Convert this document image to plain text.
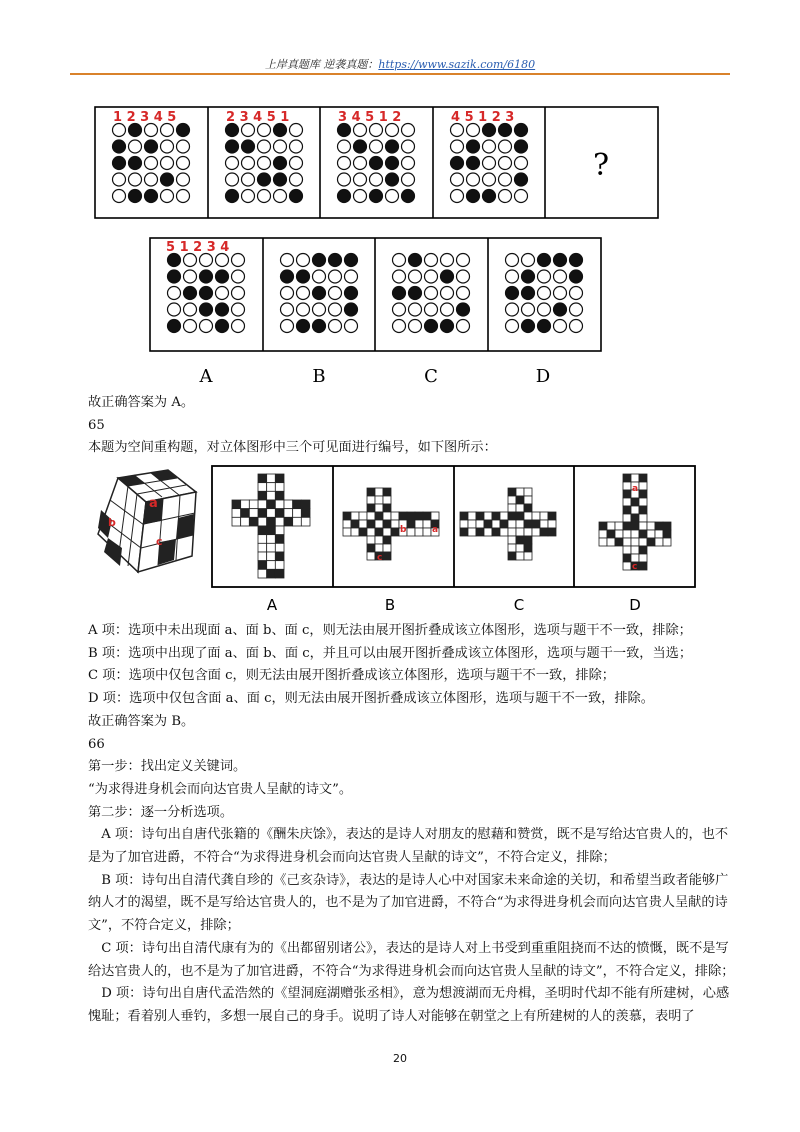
上岸真题库 逆袭真题：https://www.sazik.com/6180
1 2 3 4 5	2 3 4 5 1	3 4 5 1 2	4 5 1 2 3
?
5 1 2 3 4
A	B	C	D

故正确答案为 A。

65

本题为空间重构题，对立体图形中三个可见面进行编号，如下图所示：

a
b
c
b	a
c
a
c
A	B	C	D

A 项：选项中未出现面 a、面 b、面 c，则无法由展开图折叠成该立体图形，选项与题干不一致，排除；

B 项：选项中出现了面 a、面 b、面 c，并且可以由展开图折叠成该立体图形，选项与题干一致，当选；

C 项：选项中仅包含面 c，则无法由展开图折叠成该立体图形，选项与题干不一致，排除；

D 项：选项中仅包含面 a、面 c，则无法由展开图折叠成该立体图形，选项与题干不一致，排除。

故正确答案为 B。

66

第一步：找出定义关键词。

“为求得进身机会而向达官贵人呈献的诗文”。

第二步：逐一分析选项。

A 项：诗句出自唐代张籍的《酬朱庆馀》，表达的是诗人对朋友的慰藉和赞赏，既不是写给达官贵人的，也不是为了加官进爵，不符合“为求得进身机会而向达官贵人呈献的诗文”，不符合定义，排除；

B 项：诗句出自清代龚自珍的《己亥杂诗》，表达的是诗人心中对国家未来命途的关切，和希望当政者能够广纳人才的渴望，既不是写给达官贵人的，也不是为了加官进爵，不符合“为求得进身机会而向达官贵人呈献的诗文”，不符合定义，排除；

C 项：诗句出自清代康有为的《出都留别诸公》，表达的是诗人对上书受到重重阻挠而不达的愤慨，既不是写给达官贵人的，也不是为了加官进爵，不符合“为求得进身机会而向达官贵人呈献的诗文”，不符合定义，排除；

D 项：诗句出自唐代孟浩然的《望洞庭湖赠张丞相》，意为想渡湖而无舟楫，圣明时代却不能有所建树，心感愧耻；看着别人垂钓，多想一展自己的身手。说明了诗人对能够在朝堂之上有所建树的人的羡慕，表明了

20
